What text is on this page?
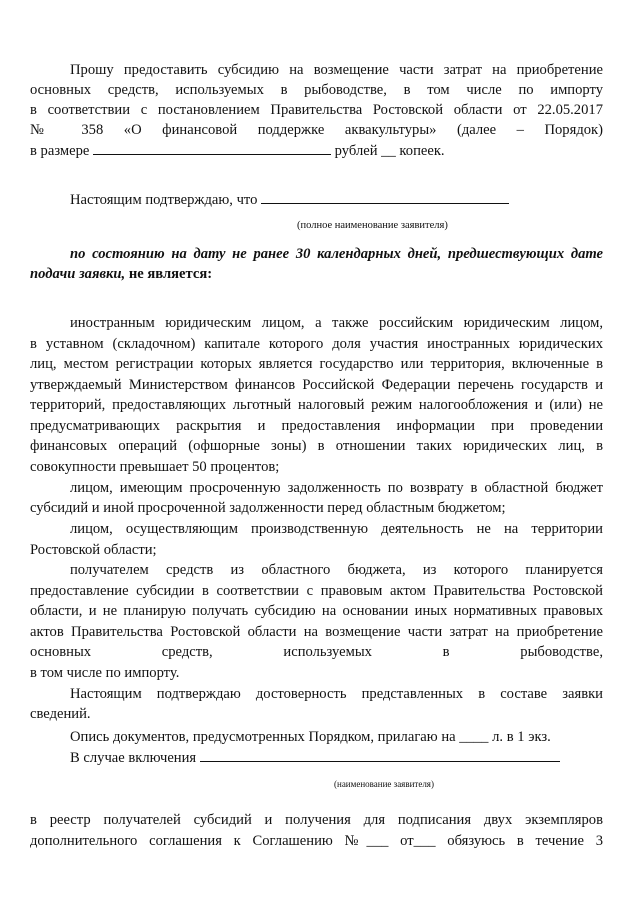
Прошу предоставить субсидию на возмещение части затрат на приобретение
основных средств, используемых в рыбоводстве, в том числе по импорту
в соответствии с постановлением Правительства Ростовской области от 22.05.2017
№ 358 «О финансовой поддержке аквакультуры» (далее – Порядок)
в размере	рублей __ копеек.
Настоящим подтверждаю, что
(полное наименование заявителя)
по состоянию на дату не ранее 30 календарных дней, предшествующих дате
подачи заявки, не является:
иностранным юридическим лицом, а также российским юридическим лицом,
в уставном (складочном) капитале которого доля участия иностранных юридических
лиц, местом регистрации которых является государство или территория, включенные в
утверждаемый Министерством финансов Российской Федерации перечень государств и
территорий, предоставляющих льготный налоговый режим налогообложения и (или) не
предусматривающих раскрытия и предоставления информации при проведении
финансовых операций (офшорные зоны) в отношении таких юридических лиц, в
совокупности превышает 50 процентов;
лицом, имеющим просроченную задолженность по возврату в областной бюджет
субсидий и иной просроченной задолженности перед областным бюджетом;
лицом, осуществляющим производственную деятельность не на территории
Ростовской области;
получателем средств из областного бюджета, из которого планируется
предоставление субсидии в соответствии с правовым актом Правительства Ростовской
области, и не планирую получать субсидию на основании иных нормативных правовых
актов Правительства Ростовской области на возмещение части затрат на приобретение
основных средств, используемых в рыбоводстве,
в том числе по импорту.
Настоящим подтверждаю достоверность представленных в составе заявки
сведений.
Опись документов, предусмотренных Порядком, прилагаю на ____ л. в 1 экз.
В случае включения
(наименование заявителя)
в реестр получателей субсидий и получения для подписания двух экземпляров
дополнительного соглашения к Соглашению №___ от___ обязуюсь в течение 3
